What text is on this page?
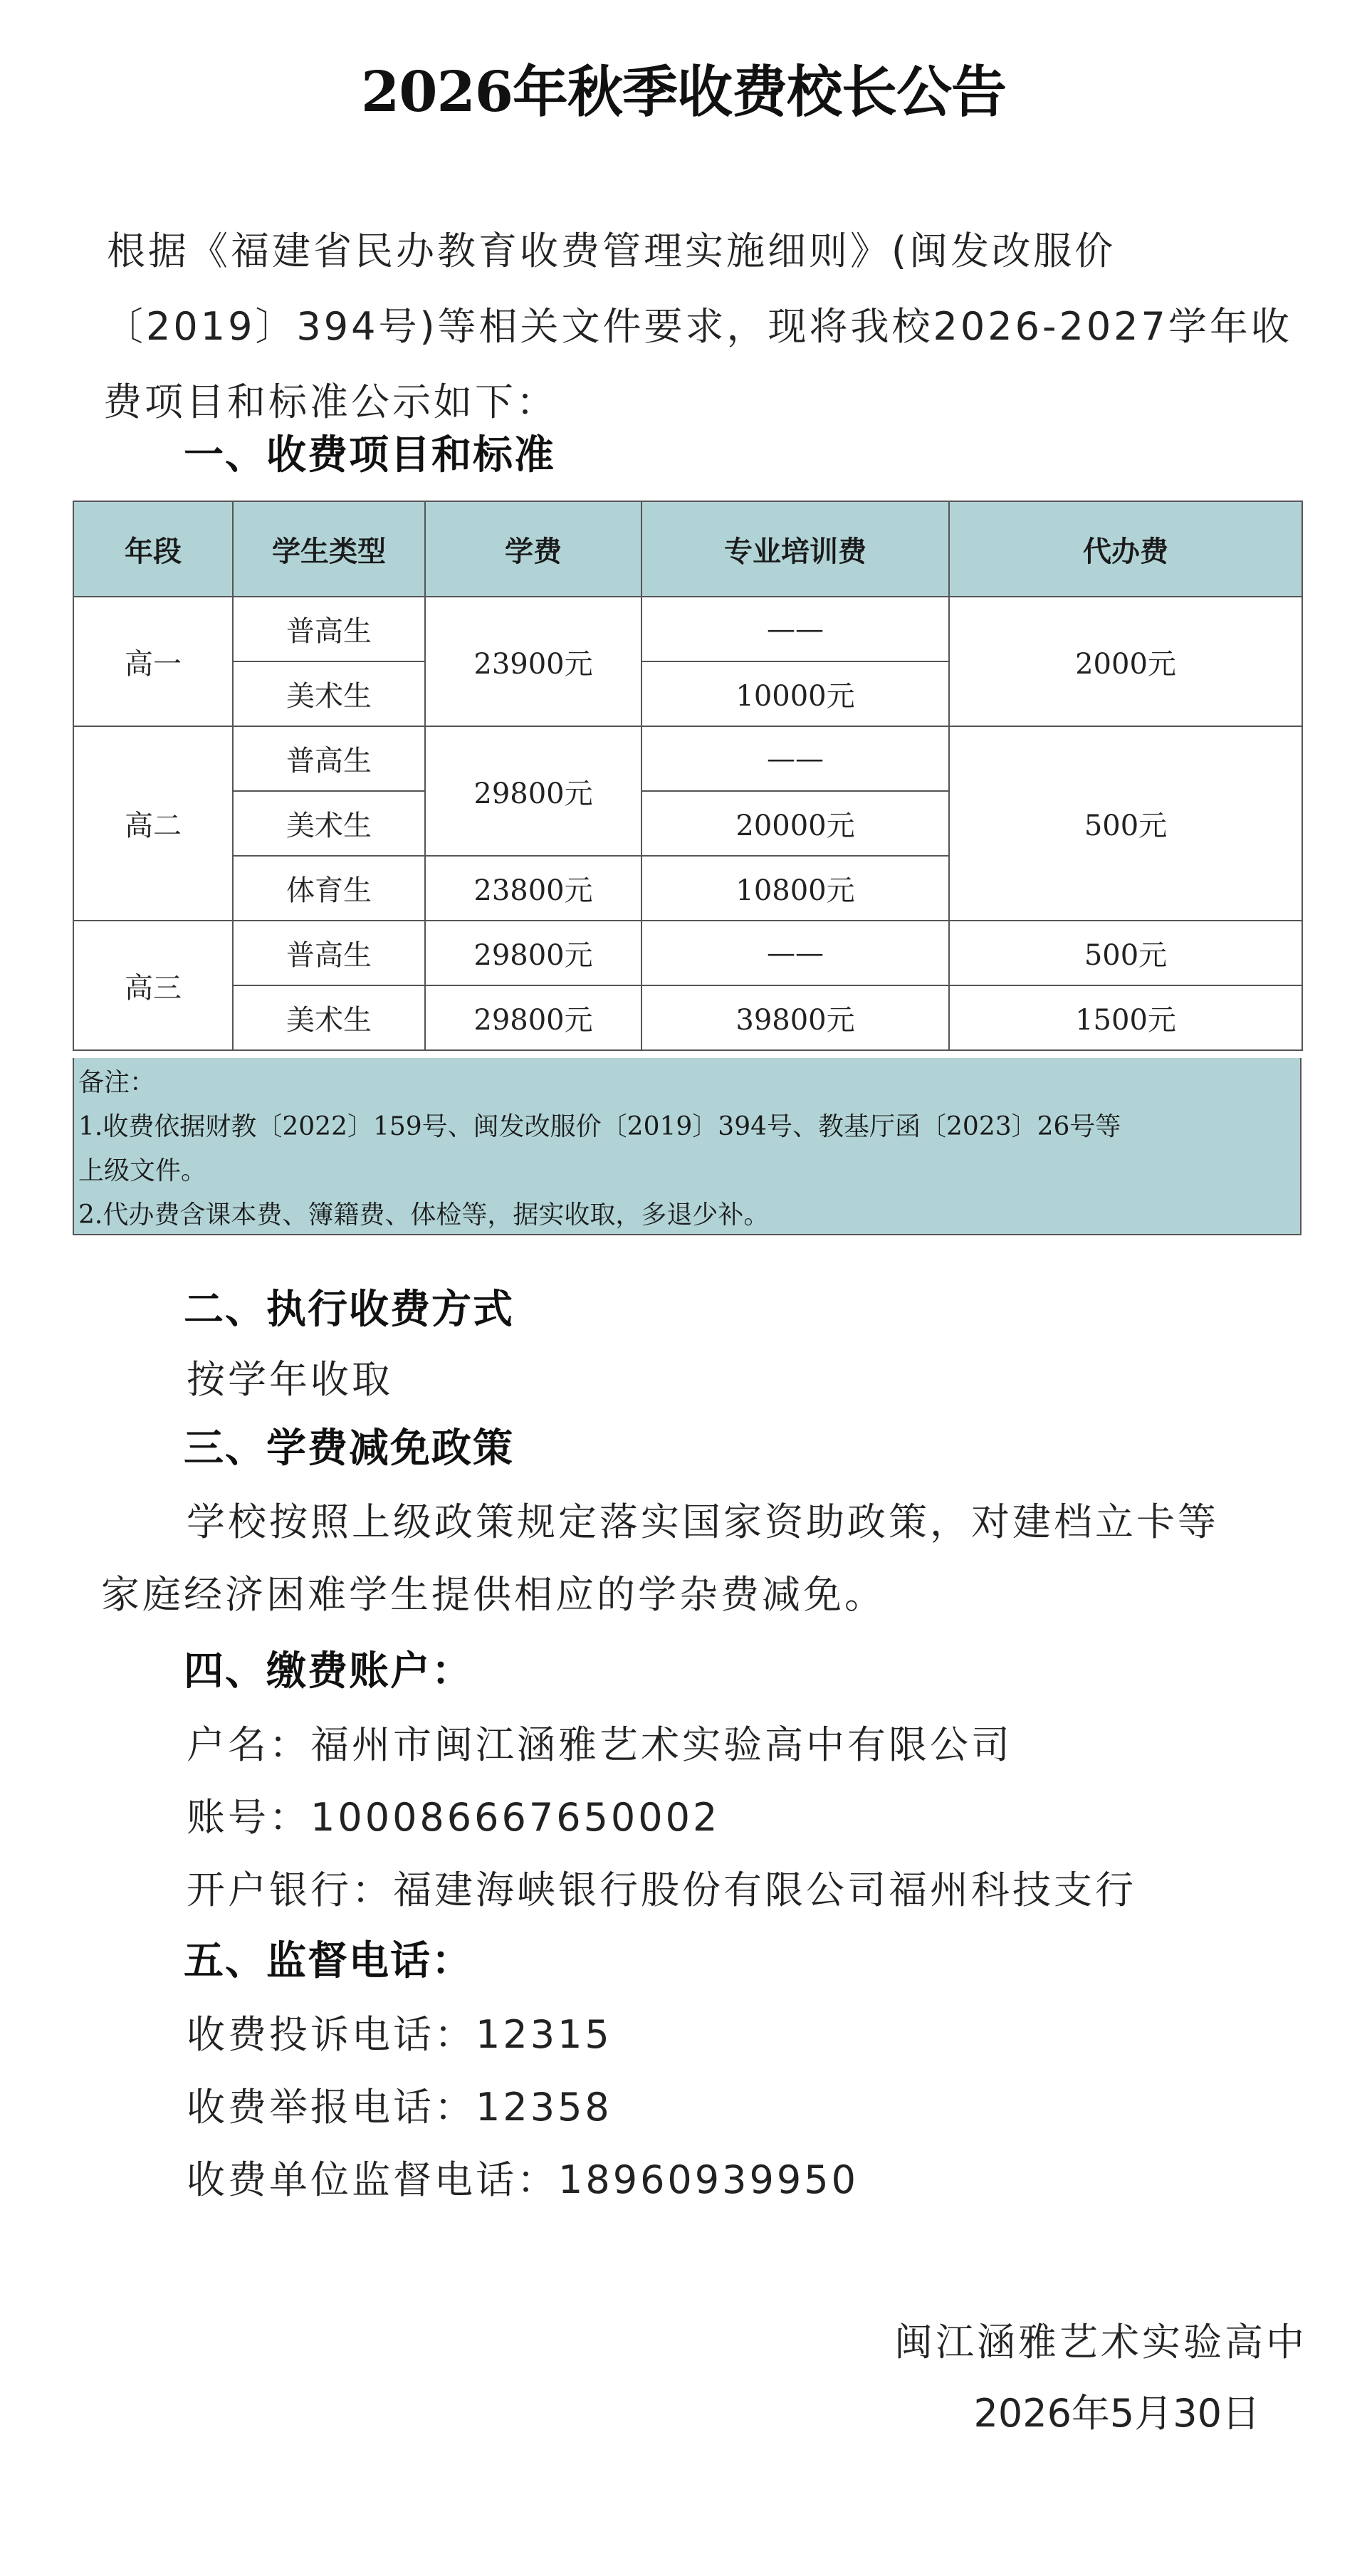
2026年秋季收费校长公告
根据《福建省民办教育收费管理实施细则》(闽发改服价
〔2019〕394号)等相关文件要求，现将我校2026-2027学年收
费项目和标准公示如下：
一、收费项目和标准
年段	学生类型	学费	专业培训费	代办费
高一	普高生	23900元	——	2000元
	美术生		10000元	
高二	普高生	29800元	——	500元
	美术生		20000元	
	体育生	23800元	10800元	
高三	普高生	29800元	——	500元
	美术生	29800元	39800元	1500元
备注：
1.收费依据财教〔2022〕159号、闽发改服价〔2019〕394号、教基厅函〔2023〕26号等
上级文件。
2.代办费含课本费、簿籍费、体检等，据实收取，多退少补。
二、执行收费方式
按学年收取
三、学费减免政策
学校按照上级政策规定落实国家资助政策，对建档立卡等
家庭经济困难学生提供相应的学杂费减免。
四、缴费账户：
户名：福州市闽江涵雅艺术实验高中有限公司
账号：100086667650002
开户银行：福建海峡银行股份有限公司福州科技支行
五、监督电话：
收费投诉电话：12315
收费举报电话：12358
收费单位监督电话：18960939950
闽江涵雅艺术实验高中
2026年5月30日
